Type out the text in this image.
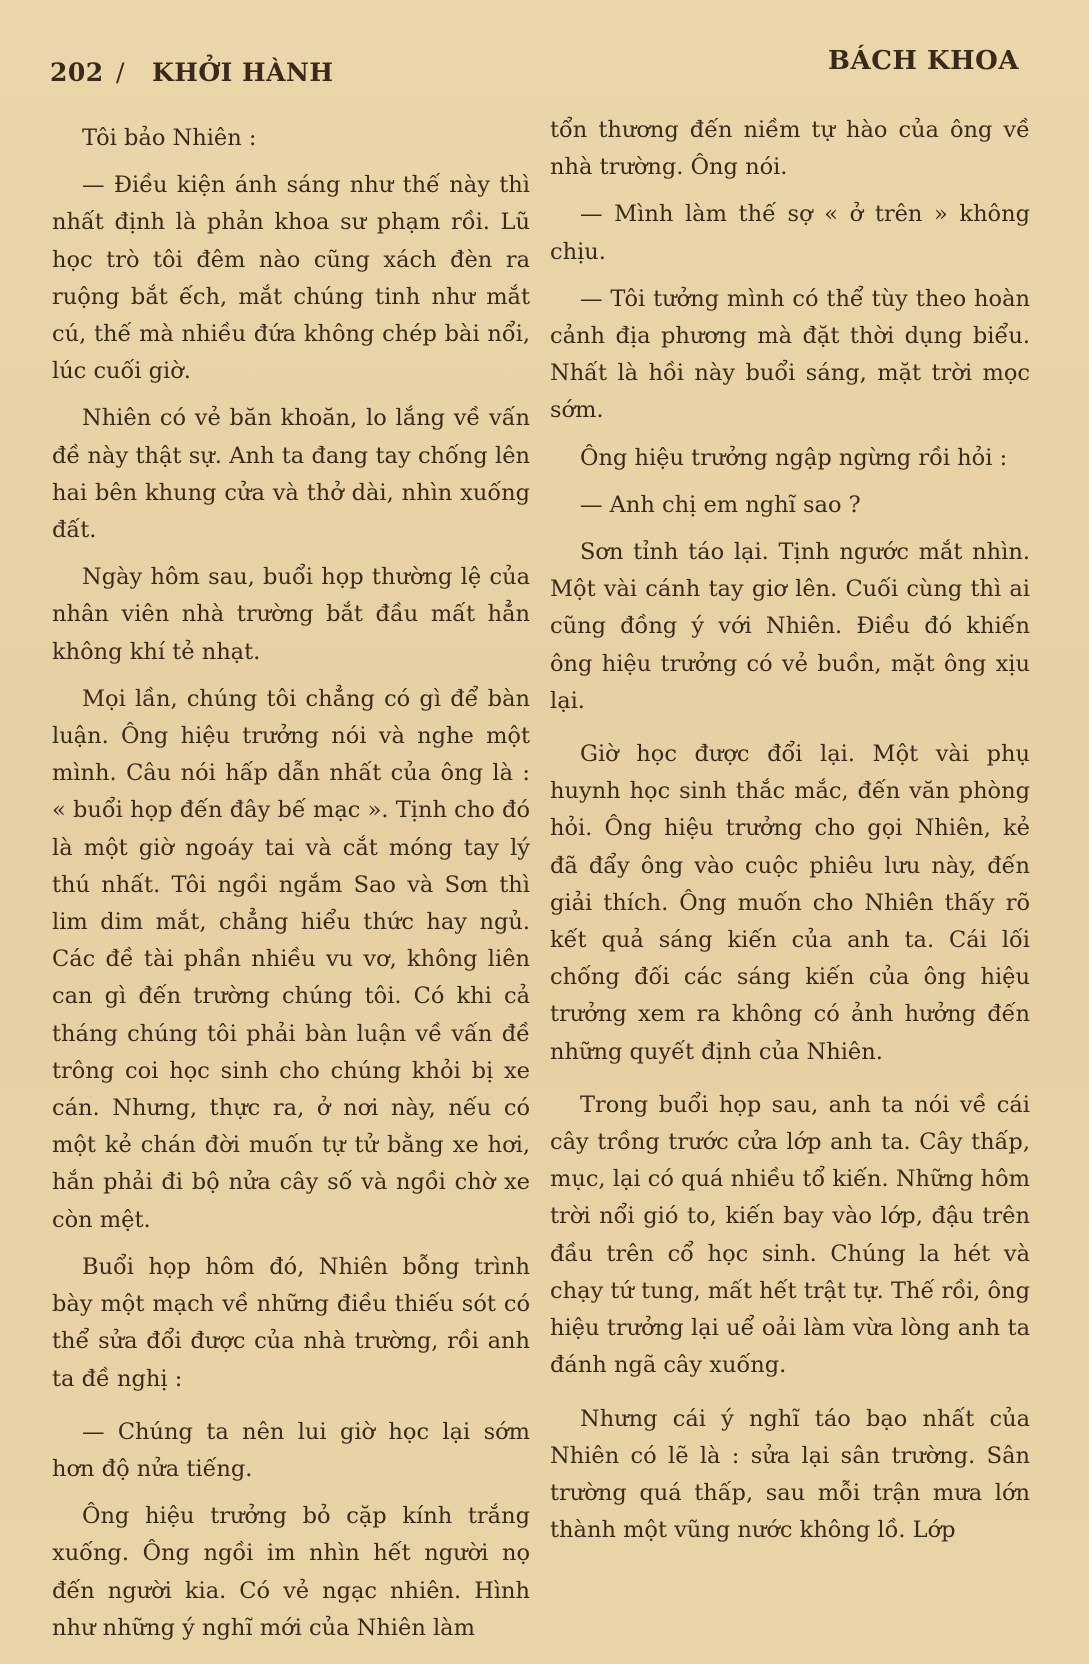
202 / KHỞI HÀNH	BÁCH KHOA

Tôi bảo Nhiên :

— Điều kiện ánh sáng như thế này thì nhất định là phản khoa sư phạm rồi. Lũ học trò tôi đêm nào cũng xách đèn ra ruộng bắt ếch, mắt chúng tinh như mắt cú, thế mà nhiều đứa không chép bài nổi, lúc cuối giờ.

Nhiên có vẻ băn khoăn, lo lắng về vấn đề này thật sự. Anh ta đang tay chống lên hai bên khung cửa và thở dài, nhìn xuống đất.

Ngày hôm sau, buổi họp thường lệ của nhân viên nhà trường bắt đầu mất hẳn không khí tẻ nhạt.

Mọi lần, chúng tôi chẳng có gì để bàn luận. Ông hiệu trưởng nói và nghe một mình. Câu nói hấp dẫn nhất của ông là : « buổi họp đến đây bế mạc ». Tịnh cho đó là một giờ ngoáy tai và cắt móng tay lý thú nhất. Tôi ngồi ngắm Sao và Sơn thì lim dim mắt, chẳng hiểu thức hay ngủ. Các đề tài phần nhiều vu vơ, không liên can gì đến trường chúng tôi. Có khi cả tháng chúng tôi phải bàn luận về vấn đề trông coi học sinh cho chúng khỏi bị xe cán. Nhưng, thực ra, ở nơi này, nếu có một kẻ chán đời muốn tự tử bằng xe hơi, hắn phải đi bộ nửa cây số và ngồi chờ xe còn mệt.

Buổi họp hôm đó, Nhiên bỗng trình bày một mạch về những điều thiếu sót có thể sửa đổi được của nhà trường, rồi anh ta đề nghị :

— Chúng ta nên lui giờ học lại sớm hơn độ nửa tiếng.

Ông hiệu trưởng bỏ cặp kính trắng xuống. Ông ngồi im nhìn hết người nọ đến người kia. Có vẻ ngạc nhiên. Hình như những ý nghĩ mới của Nhiên làm

tổn thương đến niềm tự hào của ông về nhà trường. Ông nói.

— Mình làm thế sợ « ở trên » không chịu.

— Tôi tưởng mình có thể tùy theo hoàn cảnh địa phương mà đặt thời dụng biểu. Nhất là hồi này buổi sáng, mặt trời mọc sớm.

Ông hiệu trưởng ngập ngừng rồi hỏi :

— Anh chị em nghĩ sao ?

Sơn tỉnh táo lại. Tịnh ngước mắt nhìn. Một vài cánh tay giơ lên. Cuối cùng thì ai cũng đồng ý với Nhiên. Điều đó khiến ông hiệu trưởng có vẻ buồn, mặt ông xịu lại.

Giờ học được đổi lại. Một vài phụ huynh học sinh thắc mắc, đến văn phòng hỏi. Ông hiệu trưởng cho gọi Nhiên, kẻ đã đẩy ông vào cuộc phiêu lưu này, đến giải thích. Ông muốn cho Nhiên thấy rõ kết quả sáng kiến của anh ta. Cái lối chống đối các sáng kiến của ông hiệu trưởng xem ra không có ảnh hưởng đến những quyết định của Nhiên.

Trong buổi họp sau, anh ta nói về cái cây trồng trước cửa lớp anh ta. Cây thấp, mục, lại có quá nhiều tổ kiến. Những hôm trời nổi gió to, kiến bay vào lớp, đậu trên đầu trên cổ học sinh. Chúng la hét và chạy tứ tung, mất hết trật tự. Thế rồi, ông hiệu trưởng lại uể oải làm vừa lòng anh ta đánh ngã cây xuống.

Nhưng cái ý nghĩ táo bạo nhất của Nhiên có lẽ là : sửa lại sân trường. Sân trường quá thấp, sau mỗi trận mưa lớn thành một vũng nước không lồ. Lớp
